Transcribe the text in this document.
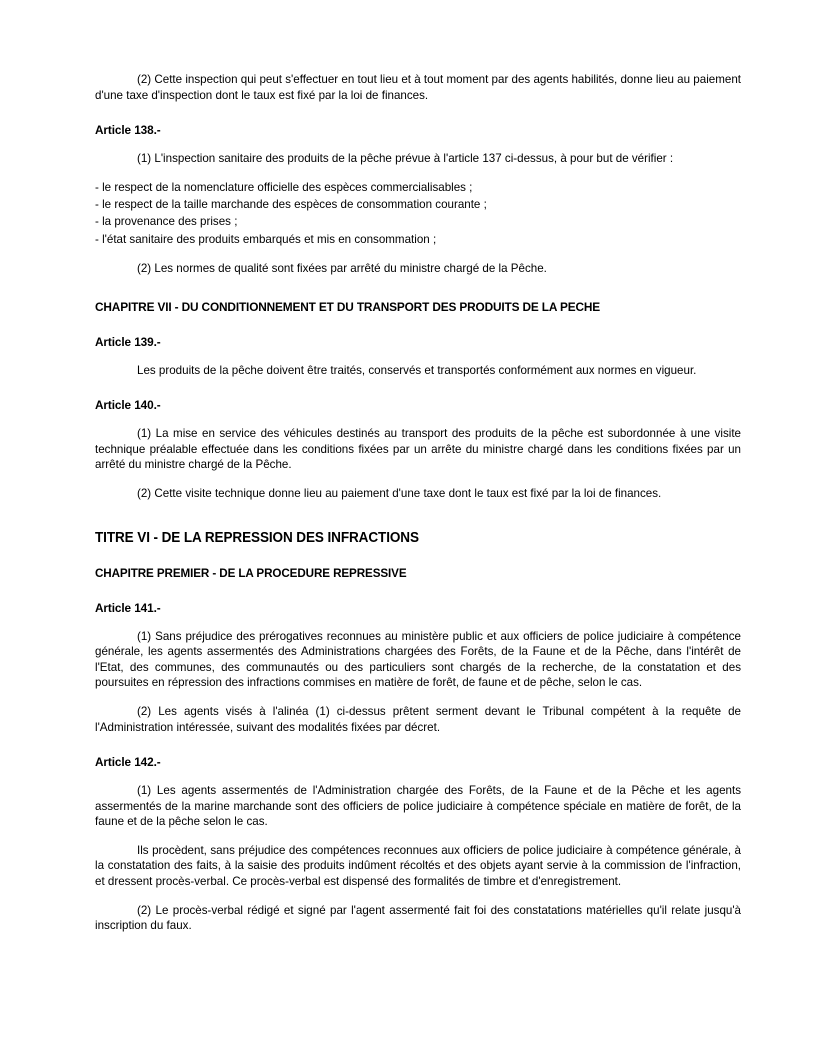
(2) Cette inspection qui peut s'effectuer en tout lieu et à tout moment par des agents habilités, donne lieu au paiement d'une taxe d'inspection dont le taux est fixé par la loi de finances.

Article 138.-

(1) L'inspection sanitaire des produits de la pêche prévue à l'article 137 ci-dessus, à pour but de vérifier :

- le respect de la nomenclature officielle des espèces commercialisables ;
- le respect de la taille marchande des espèces de consommation courante ;
- la provenance des prises ;
- l'état sanitaire des produits embarqués et mis en consommation ;

(2) Les normes de qualité sont fixées par arrêté du ministre chargé de la Pêche.

CHAPITRE VII - DU CONDITIONNEMENT ET DU TRANSPORT DES PRODUITS DE LA PECHE
Article 139.-

Les produits de la pêche doivent être traités, conservés et transportés conformément aux normes en vigueur.

Article 140.-

(1) La mise en service des véhicules destinés au transport des produits de la pêche est subordonnée à une visite technique préalable effectuée dans les conditions fixées par un arrête du ministre chargé dans les conditions fixées par un arrêté du ministre chargé de la Pêche.

(2) Cette visite technique donne lieu au paiement d'une taxe dont le taux est fixé par la loi de finances.

TITRE VI - DE LA REPRESSION DES INFRACTIONS
CHAPITRE PREMIER - DE LA PROCEDURE REPRESSIVE
Article 141.-

(1) Sans préjudice des prérogatives reconnues au ministère public et aux officiers de police judiciaire à compétence générale, les agents assermentés des Administrations chargées des Forêts, de la Faune et de la Pêche, dans l'intérêt de l'Etat, des communes, des communautés ou des particuliers sont chargés de la recherche, de la constatation et des poursuites en répression des infractions commises en matière de forêt, de faune et de pêche, selon le cas.

(2) Les agents visés à l'alinéa (1) ci-dessus prêtent serment devant le Tribunal compétent à la requête de l'Administration intéressée, suivant des modalités fixées par décret.

Article 142.-

(1) Les agents assermentés de l'Administration chargée des Forêts, de la Faune et de la Pêche et les agents assermentés de la marine marchande sont des officiers de police judiciaire à compétence spéciale en matière de forêt, de la faune et de la pêche selon le cas.

Ils procèdent, sans préjudice des compétences reconnues aux officiers de police judiciaire à compétence générale, à la constatation des faits, à la saisie des produits indûment récoltés et des objets ayant servie à la commission de l'infraction, et dressent procès-verbal. Ce procès-verbal est dispensé des formalités de timbre et d'enregistrement.

(2) Le procès-verbal rédigé et signé par l'agent assermenté fait foi des constatations matérielles qu'il relate jusqu'à inscription du faux.
